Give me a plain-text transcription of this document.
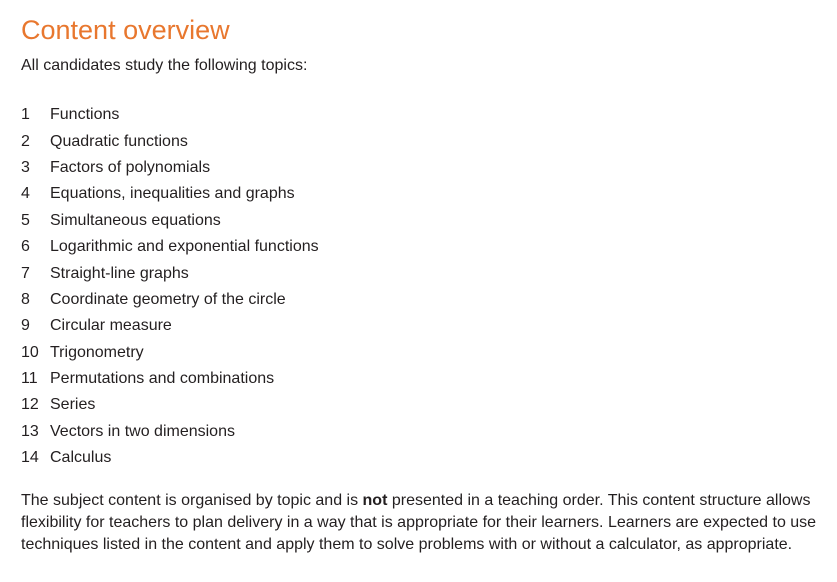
Content overview

All candidates study the following topics:

1	Functions
2	Quadratic functions
3	Factors of polynomials
4	Equations, inequalities and graphs
5	Simultaneous equations
6	Logarithmic and exponential functions
7	Straight-line graphs
8	Coordinate geometry of the circle
9	Circular measure
10 Trigonometry
11 Permutations and combinations
12 Series
13 Vectors in two dimensions
14 Calculus

The subject content is organised by topic and is not presented in a teaching order. This content structure allows flexibility for teachers to plan delivery in a way that is appropriate for their learners. Learners are expected to use techniques listed in the content and apply them to solve problems with or without a calculator, as appropriate.
